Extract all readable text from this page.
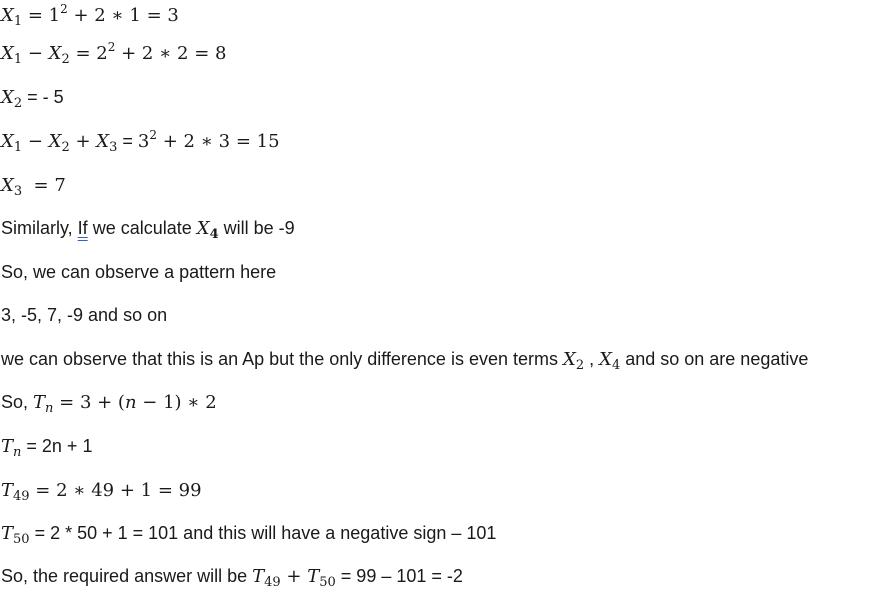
$X_1 = 1^2 + 2$ ∗ 1 = 3
$X_1 - X_2 = 2^2 + 2$ ∗ 2 = 8
$X_2$ = - 5
$X_1 - X_2 + X_3 = 3^2 + 2$ ∗ 3 = 15
$X_3 = 7$
Similarly, If we calculate $X_4$ will be -9
So, we can observe a pattern here
3, -5, 7, -9 and so on
we can observe that this is an Ap but the only difference is even terms $X_2$ , $X_4$ and so on are negative
So, $T_n = 3 + (n - 1)$ ∗ 2
$T_n = 2n + 1$
$T_{49} = 2$ ∗ 49 + 1 = 99
$T_{50} = 2 * 50 + 1 = 101$ and this will have a negative sign – 101
So, the required answer will be $T_{49} + T_{50} = 99 - 101 = -2$
